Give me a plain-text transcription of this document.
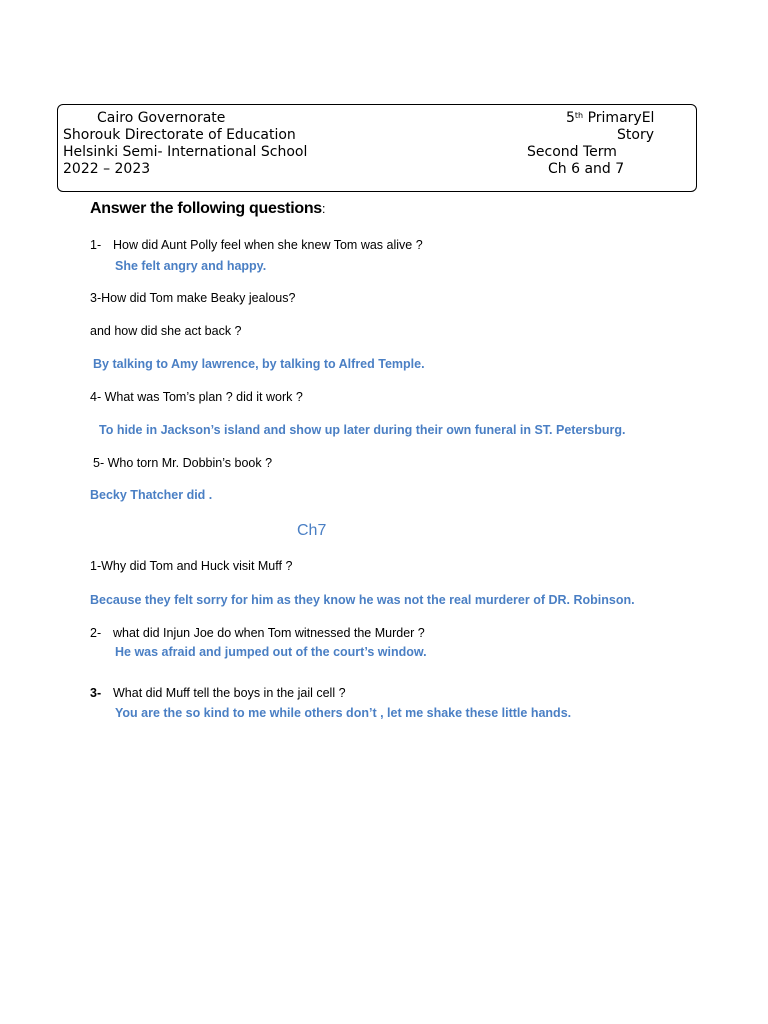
Cairo Governorate
Shorouk Directorate of Education
Helsinki Semi- International School
2022 – 2023
5th PrimaryEl
Story
Second Term
Ch 6 and 7
Answer the following questions:
1- How did Aunt Polly feel when she knew Tom was alive ?
She felt angry and happy.
3-How did Tom make Beaky jealous?
and how did she act back ?
By talking to Amy lawrence, by talking to Alfred Temple.
4- What was Tom’s plan ? did it work ?
To hide in Jackson’s island and show up later during their own funeral in ST. Petersburg.
5- Who torn Mr. Dobbin’s book ?
Becky Thatcher did .
Ch7
1-Why did Tom and Huck visit Muff ?
Because they felt sorry for him as they know he was not the real murderer of DR. Robinson.
2- what did Injun Joe do when Tom witnessed the Murder ?
He was afraid and jumped out of the court’s window.
3- What did Muff tell the boys in the jail cell ?
You are the so kind to me while others don’t , let me shake these little hands.
